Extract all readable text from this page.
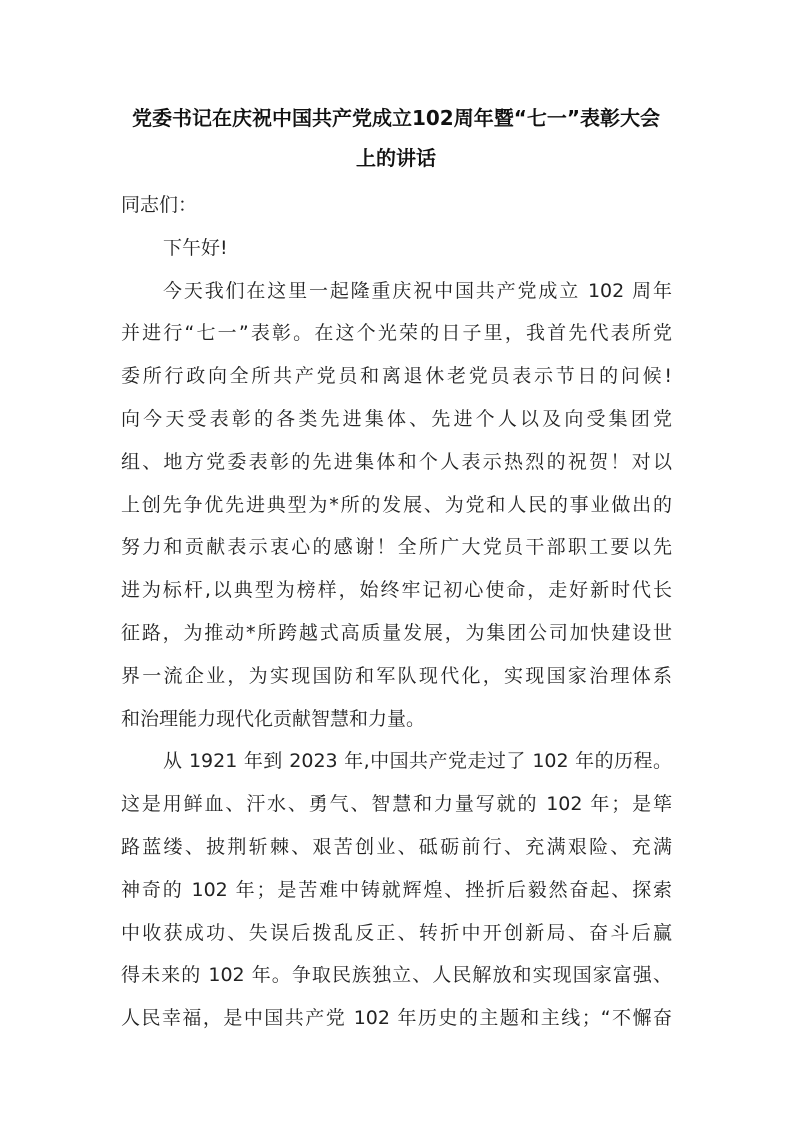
党委书记在庆祝中国共产党成立102周年暨“七一”表彰大会
上的讲话
同志们：
下午好!
今天我们在这里一起隆重庆祝中国共产党成立 102 周年
并进行“七一”表彰。在这个光荣的日子里，我首先代表所党
委所行政向全所共产党员和离退休老党员表示节日的问候!
向今天受表彰的各类先进集体、先进个人以及向受集团党
组、地方党委表彰的先进集体和个人表示热烈的祝贺！对以
上创先争优先进典型为*所的发展、为党和人民的事业做出的
努力和贡献表示衷心的感谢！全所广大党员干部职工要以先
进为标杆,以典型为榜样，始终牢记初心使命，走好新时代长
征路，为推动*所跨越式高质量发展，为集团公司加快建设世
界一流企业，为实现国防和军队现代化，实现国家治理体系
和治理能力现代化贡献智慧和力量。
从 1921 年到 2023 年,中国共产党走过了 102 年的历程。
这是用鲜血、汗水、勇气、智慧和力量写就的 102 年；是筚
路蓝缕、披荆斩棘、艰苦创业、砥砺前行、充满艰险、充满
神奇的 102 年；是苦难中铸就辉煌、挫折后毅然奋起、探索
中收获成功、失误后拨乱反正、转折中开创新局、奋斗后赢
得未来的 102 年。争取民族独立、人民解放和实现国家富强、
人民幸福，是中国共产党 102 年历史的主题和主线；“不懈奋
